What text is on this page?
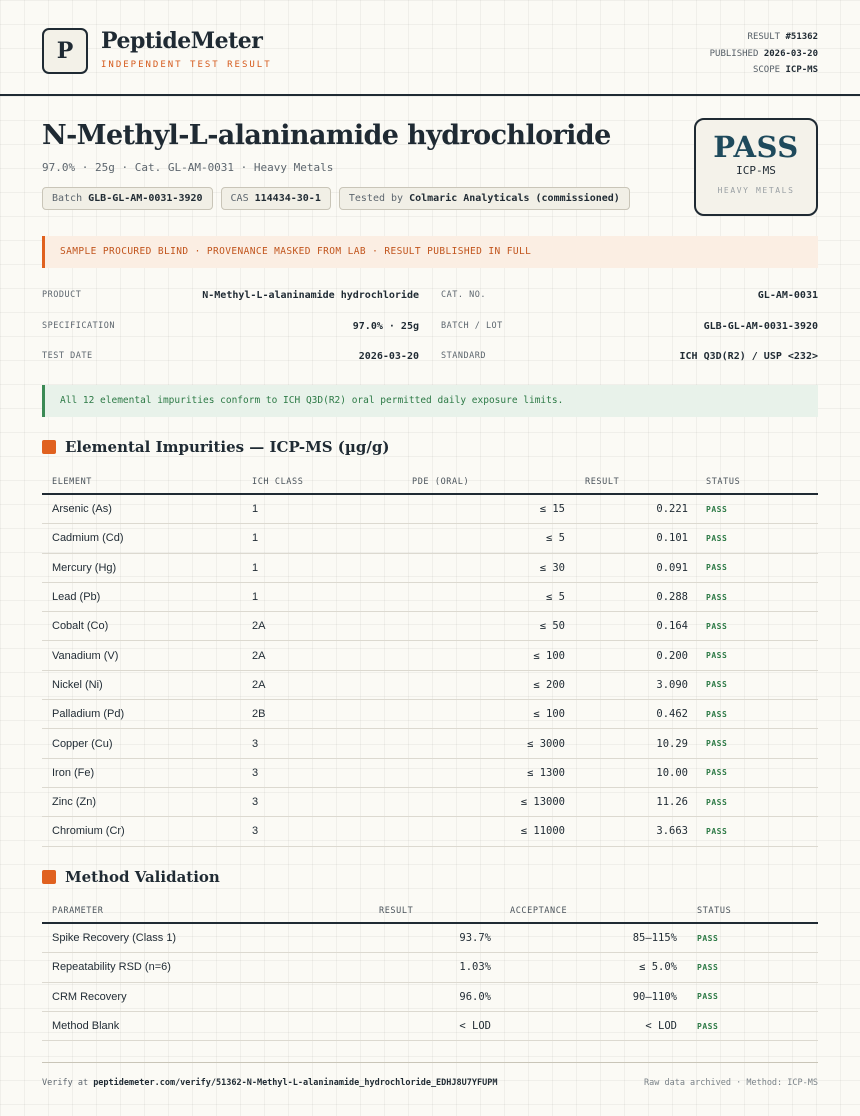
P	PeptideMeter
INDEPENDENT TEST RESULT
RESULT #51362
PUBLISHED 2026-03-20
SCOPE ICP-MS
N-Methyl-L-alaninamide hydrochloride
97.0% · 25g · Cat. GL-AM-0031 · Heavy Metals
Batch GLB-GL-AM-0031-3920	CAS 114434-30-1	Tested by Colmaric Analyticals (commissioned)
PASS
ICP-MS
HEAVY METALS
SAMPLE PROCURED BLIND · PROVENANCE MASKED FROM LAB · RESULT PUBLISHED IN FULL
PRODUCT	N-Methyl-L-alaninamide hydrochloride	CAT. NO.	GL-AM-0031
SPECIFICATION	97.0% · 25g	BATCH / LOT	GLB-GL-AM-0031-3920
TEST DATE	2026-03-20	STANDARD	ICH Q3D(R2) / USP <232>
All 12 elemental impurities conform to ICH Q3D(R2) oral permitted daily exposure limits.
Elemental Impurities — ICP-MS (µg/g)
ELEMENT	ICH CLASS	PDE (ORAL)	RESULT	STATUS
Arsenic (As)	1	≤ 15	0.221 PASS
Cadmium (Cd)	1	≤ 5	0.101 PASS
Mercury (Hg)	1	≤ 30	0.091 PASS
Lead (Pb)	1	≤ 5	0.288 PASS
Cobalt (Co)	2A	≤ 50	0.164 PASS
Vanadium (V)	2A	≤ 100	0.200 PASS
Nickel (Ni)	2A	≤ 200	3.090 PASS
Palladium (Pd)	2B	≤ 100	0.462 PASS
Copper (Cu)	3	≤ 3000	10.29 PASS
Iron (Fe)	3	≤ 1300	10.00 PASS
Zinc (Zn)	3	≤ 13000	11.26 PASS
Chromium (Cr)	3	≤ 11000	3.663 PASS
Method Validation
PARAMETER	RESULT	ACCEPTANCE	STATUS
Spike Recovery (Class 1)	93.7%	85–115%	PASS
Repeatability RSD (n=6)	1.03%	≤ 5.0%	PASS
CRM Recovery	96.0%	90–110%	PASS
Method Blank	< LOD	< LOD	PASS
Verify at peptidemeter.com/verify/51362-N-Methyl-L-alaninamide_hydrochloride_EDHJ8U7YFUPM	Raw data archived · Method: ICP-MS
